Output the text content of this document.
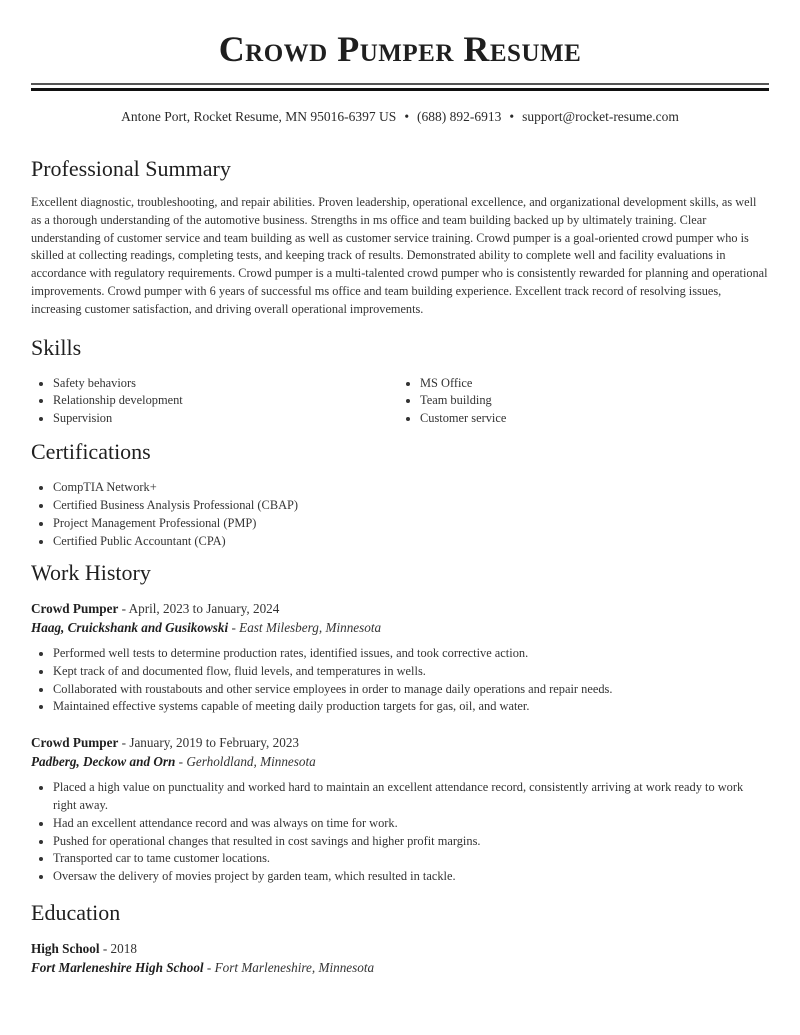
Crowd Pumper Resume
Antone Port, Rocket Resume, MN 95016-6397 US • (688) 892-6913 • support@rocket-resume.com
Professional Summary

Excellent diagnostic, troubleshooting, and repair abilities. Proven leadership, operational excellence, and organizational development skills, as well as a thorough understanding of the automotive business. Strengths in ms office and team building backed up by ultimately training. Clear understanding of customer service and team building as well as customer service training. Crowd pumper is a goal-oriented crowd pumper who is skilled at collecting readings, completing tests, and keeping track of results. Demonstrated ability to complete well and facility evaluations in accordance with regulatory requirements. Crowd pumper is a multi-talented crowd pumper who is consistently rewarded for planning and operational improvements. Crowd pumper with 6 years of successful ms office and team building experience. Excellent track record of resolving issues, increasing customer satisfaction, and driving overall operational improvements.

Skills
• Safety behaviors
• Relationship development
• Supervision
• MS Office
• Team building
• Customer service
Certifications
• CompTIA Network+
• Certified Business Analysis Professional (CBAP)
• Project Management Professional (PMP)
• Certified Public Accountant (CPA)
Work History
Crowd Pumper - April, 2023 to January, 2024
Haag, Cruickshank and Gusikowski - East Milesberg, Minnesota
• Performed well tests to determine production rates, identified issues, and took corrective action.
• Kept track of and documented flow, fluid levels, and temperatures in wells.
• Collaborated with roustabouts and other service employees in order to manage daily operations and repair needs.
• Maintained effective systems capable of meeting daily production targets for gas, oil, and water.
Crowd Pumper - January, 2019 to February, 2023
Padberg, Deckow and Orn - Gerholdland, Minnesota
• Placed a high value on punctuality and worked hard to maintain an excellent attendance record, consistently arriving at work ready to work right away.
• Had an excellent attendance record and was always on time for work.
• Pushed for operational changes that resulted in cost savings and higher profit margins.
• Transported car to tame customer locations.
• Oversaw the delivery of movies project by garden team, which resulted in tackle.
Education
High School - 2018
Fort Marleneshire High School - Fort Marleneshire, Minnesota
